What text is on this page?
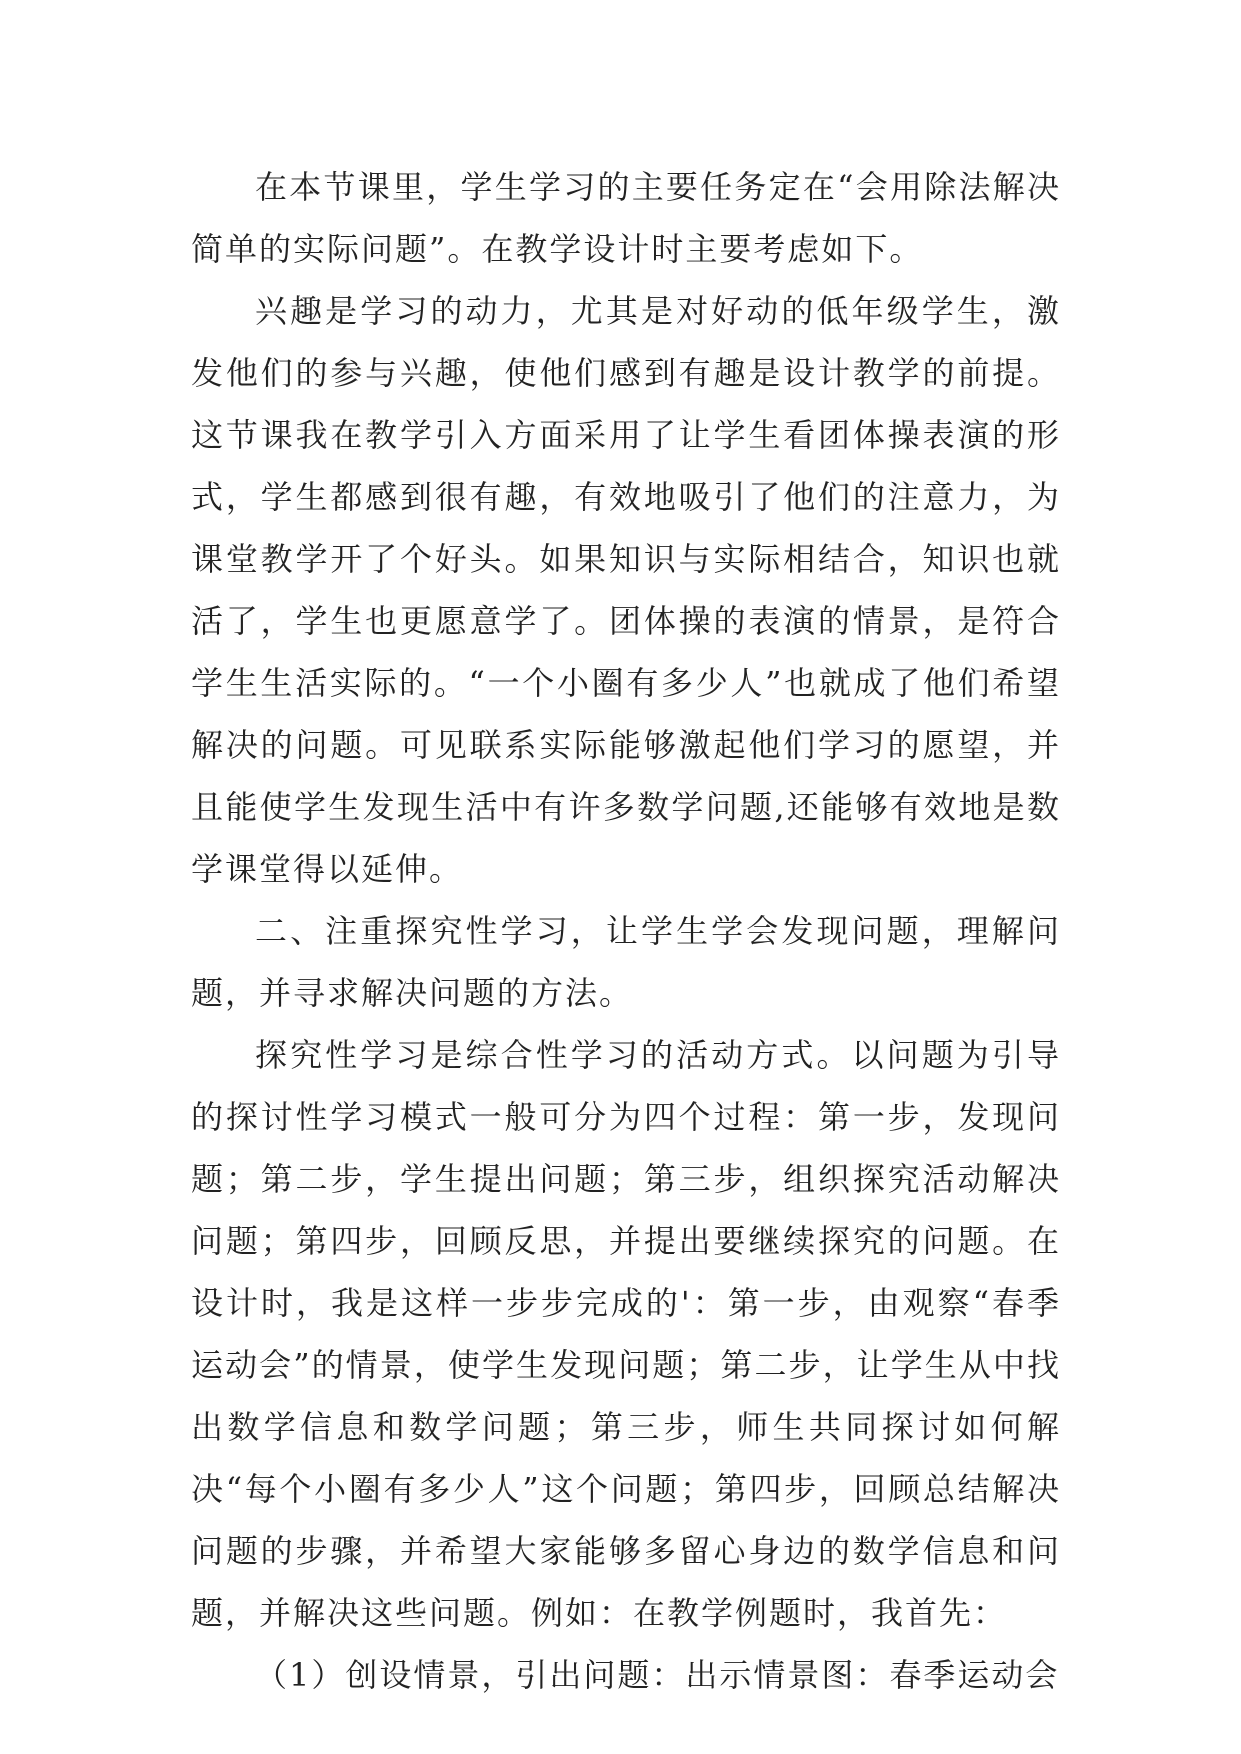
在本节课里，学生学习的主要任务定在“会用除法解决简单的实际问题”。在教学设计时主要考虑如下。

兴趣是学习的动力，尤其是对好动的低年级学生，激发他们的参与兴趣，使他们感到有趣是设计教学的前提。这节课我在教学引入方面采用了让学生看团体操表演的形式，学生都感到很有趣，有效地吸引了他们的注意力，为课堂教学开了个好头。如果知识与实际相结合，知识也就活了，学生也更愿意学了。团体操的表演的情景，是符合学生生活实际的。“一个小圈有多少人”也就成了他们希望解决的问题。可见联系实际能够激起他们学习的愿望，并且能使学生发现生活中有许多数学问题,还能够有效地是数学课堂得以延伸。

二、注重探究性学习，让学生学会发现问题，理解问题，并寻求解决问题的方法。

探究性学习是综合性学习的活动方式。以问题为引导的探讨性学习模式一般可分为四个过程：第一步，发现问题；第二步，学生提出问题；第三步，组织探究活动解决问题；第四步，回顾反思，并提出要继续探究的问题。在设计时，我是这样一步步完成的'：第一步，由观察“春季运动会”的情景，使学生发现问题；第二步，让学生从中找出数学信息和数学问题；第三步，师生共同探讨如何解决“每个小圈有多少人”这个问题；第四步，回顾总结解决问题的步骤，并希望大家能够多留心身边的数学信息和问题，并解决这些问题。例如：在教学例题时，我首先：

（1）创设情景，引出问题：出示情景图：春季运动会
